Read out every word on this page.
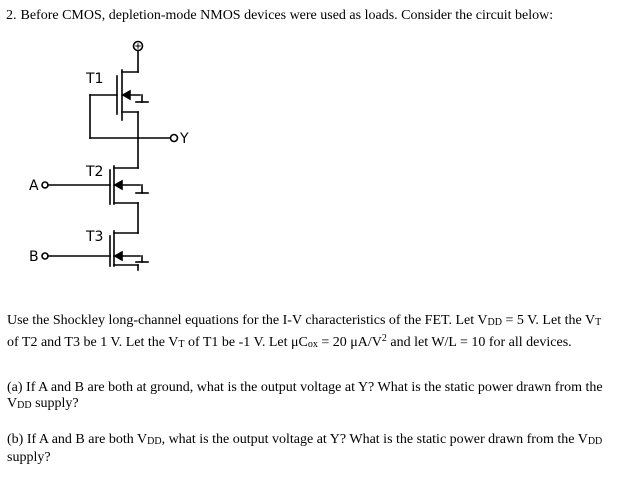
2. Before CMOS, depletion-mode NMOS devices were used as loads. Consider the circuit below:
T1
T2
T3
A
B
Y
Use the Shockley long-channel equations for the I-V characteristics of the FET. Let VDD = 5 V. Let the VT of T2 and T3 be 1 V. Let the VT of T1 be -1 V. Let μCox = 20 $\mu A/V^2$ and let W/L = 10 for all devices.
(a) If A and B are both at ground, what is the output voltage at Y? What is the static power drawn from the VDD supply?
(b) If A and B are both VDD, what is the output voltage at Y? What is the static power drawn from the VDD supply?
